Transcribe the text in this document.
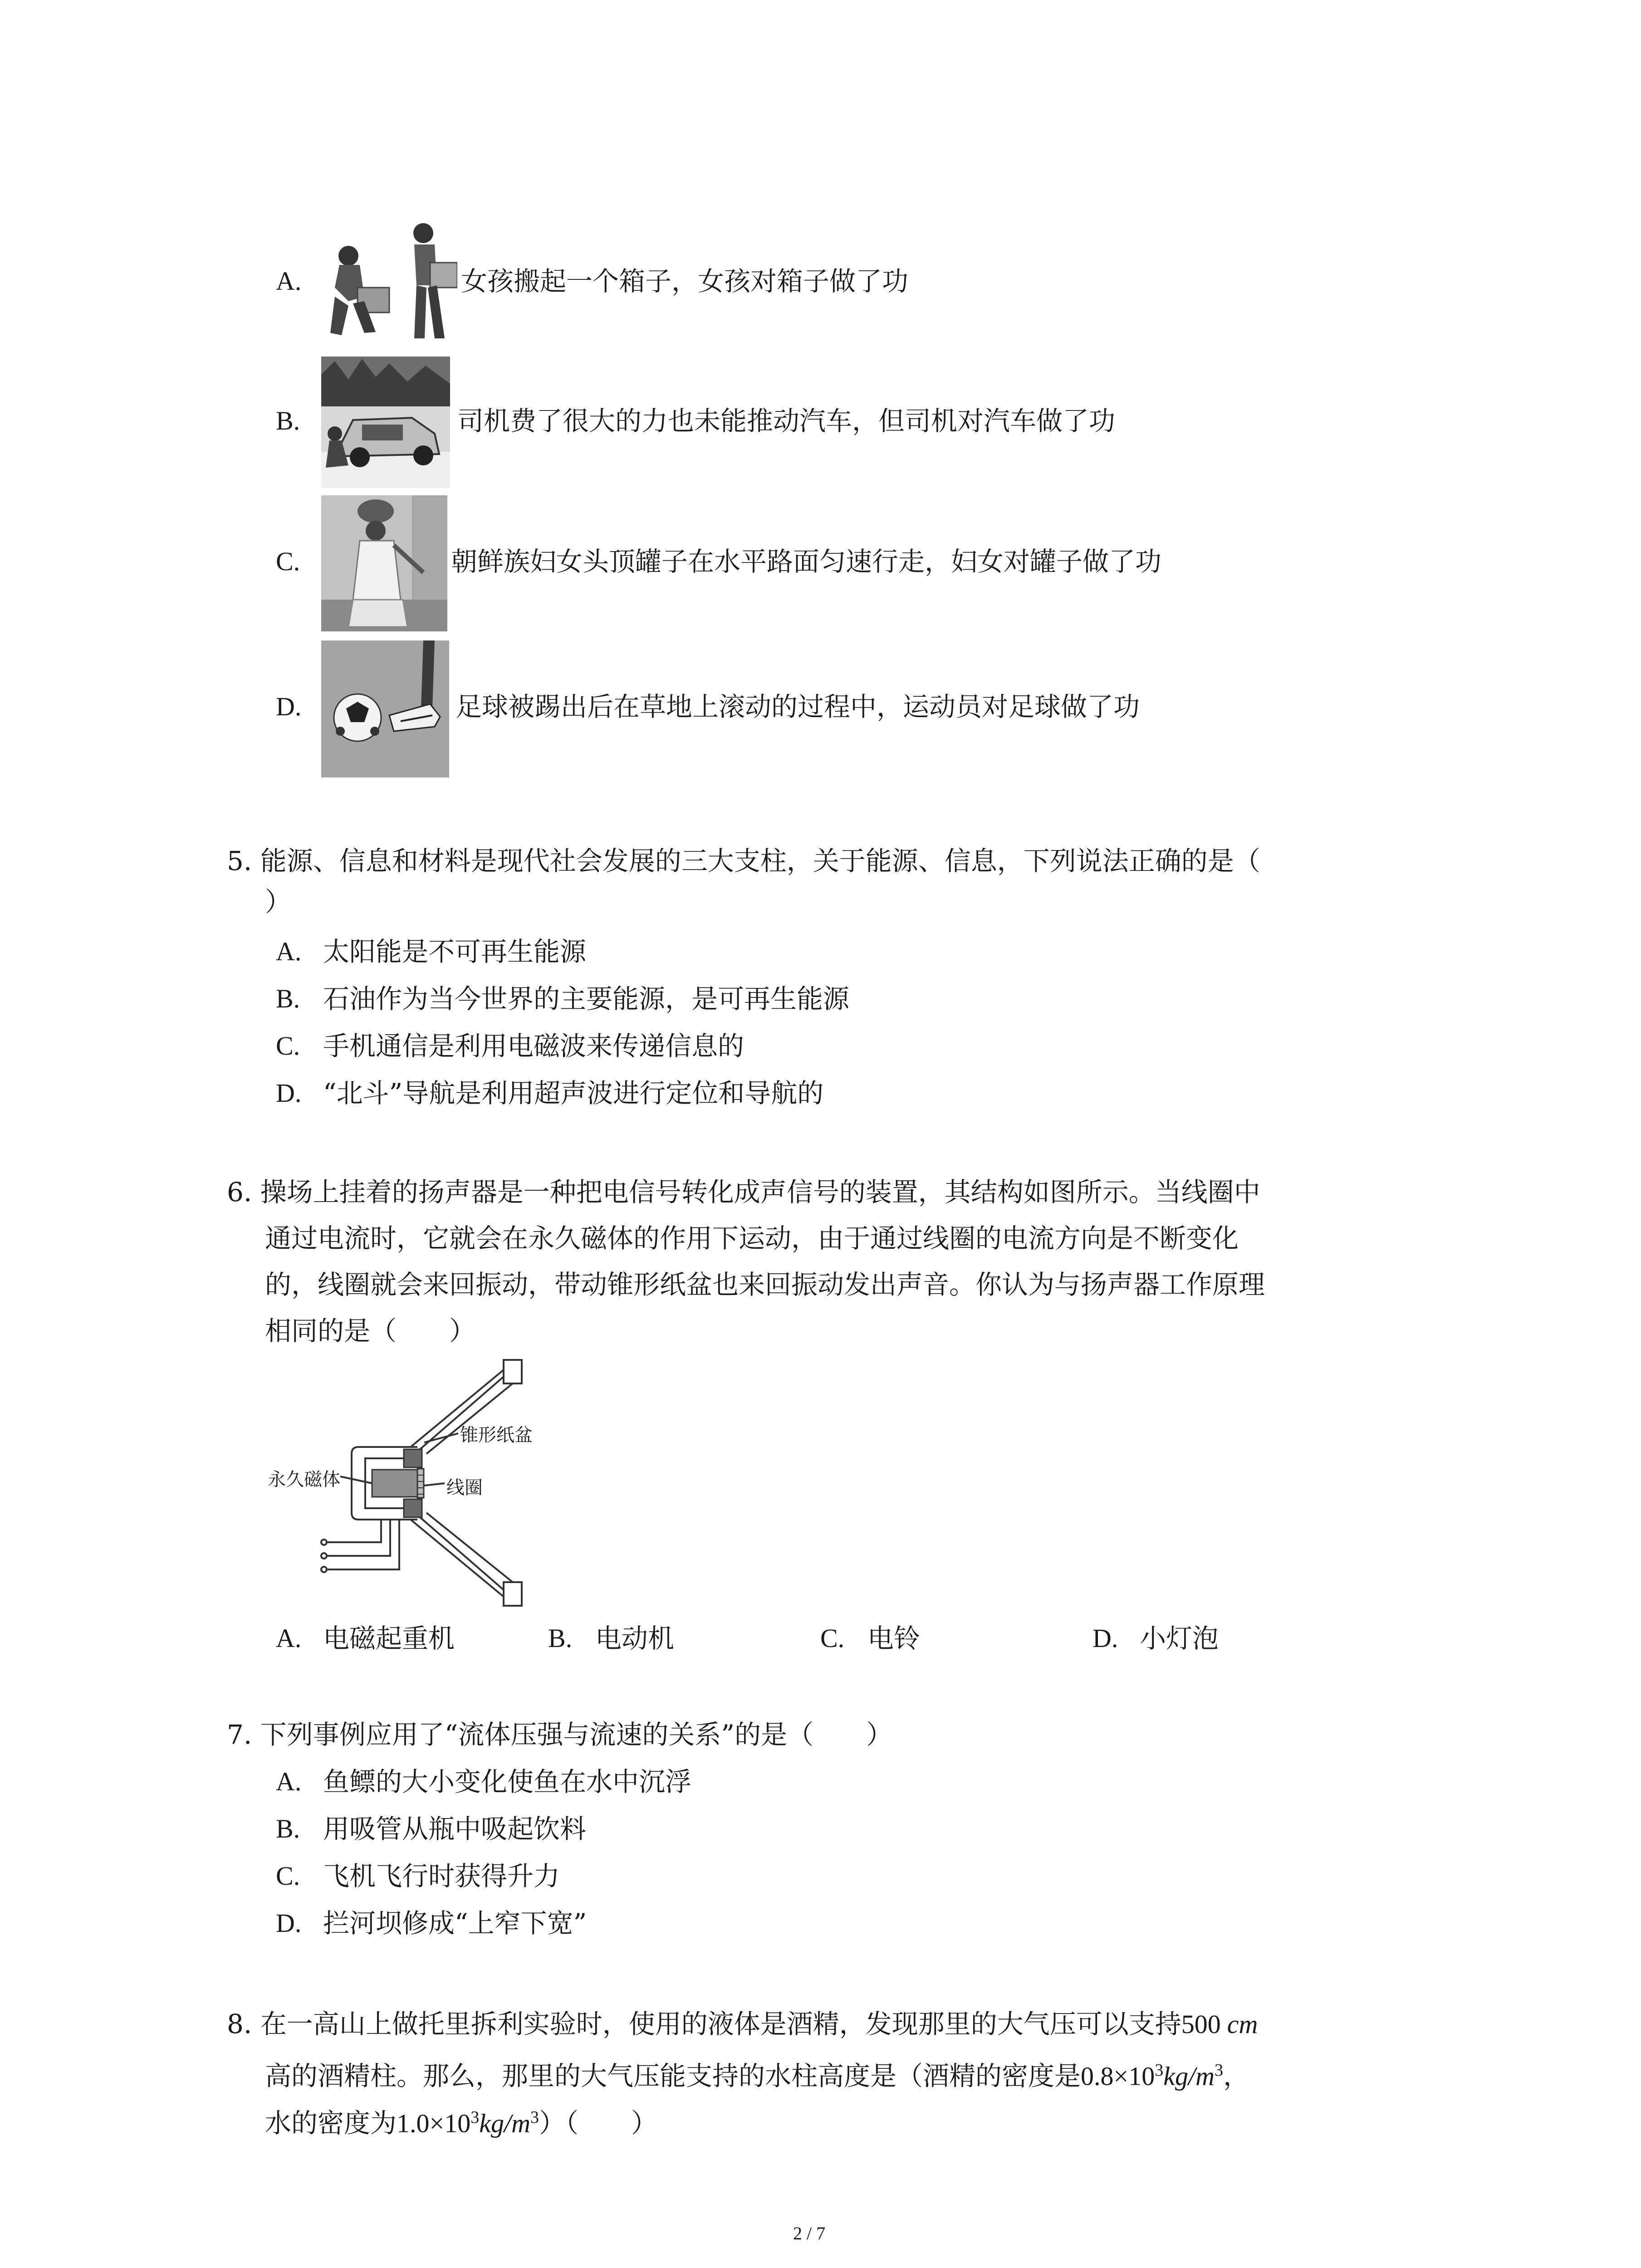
A.	女孩搬起一个箱子，女孩对箱子做了功
B.	司机费了很大的力也未能推动汽车，但司机对汽车做了功
C.	朝鲜族妇女头顶罐子在水平路面匀速行走，妇女对罐子做了功
D.	足球被踢出后在草地上滚动的过程中，运动员对足球做了功
5. 能源、信息和材料是现代社会发展的三大支柱，关于能源、信息，下列说法正确的是（
）
A. 太阳能是不可再生能源
B. 石油作为当今世界的主要能源，是可再生能源
C. 手机通信是利用电磁波来传递信息的
D. “北斗”导航是利用超声波进行定位和导航的
6. 操场上挂着的扬声器是一种把电信号转化成声信号的装置，其结构如图所示。当线圈中
通过电流时，它就会在永久磁体的作用下运动，由于通过线圈的电流方向是不断变化
的，线圈就会来回振动，带动锥形纸盆也来回振动发出声音。你认为与扬声器工作原理
相同的是（　　）
锥形纸盆
永久磁体	线圈
A. 电磁起重机	B. 电动机	C. 电铃	D. 小灯泡
7. 下列事例应用了“流体压强与流速的关系”的是（　　）
A. 鱼鳔的大小变化使鱼在水中沉浮
B. 用吸管从瓶中吸起饮料
C. 飞机飞行时获得升力
D. 拦河坝修成“上窄下宽”
8. 在一高山上做托里拆利实验时，使用的液体是酒精，发现那里的大气压可以支持500 cm
高的酒精柱。那么，那里的大气压能支持的水柱高度是（酒精的密度是$0.8\times 10^3kg/m^3$，
水的密度为$1.0\times 10^3kg/m^3$）（　　）
2 / 7
